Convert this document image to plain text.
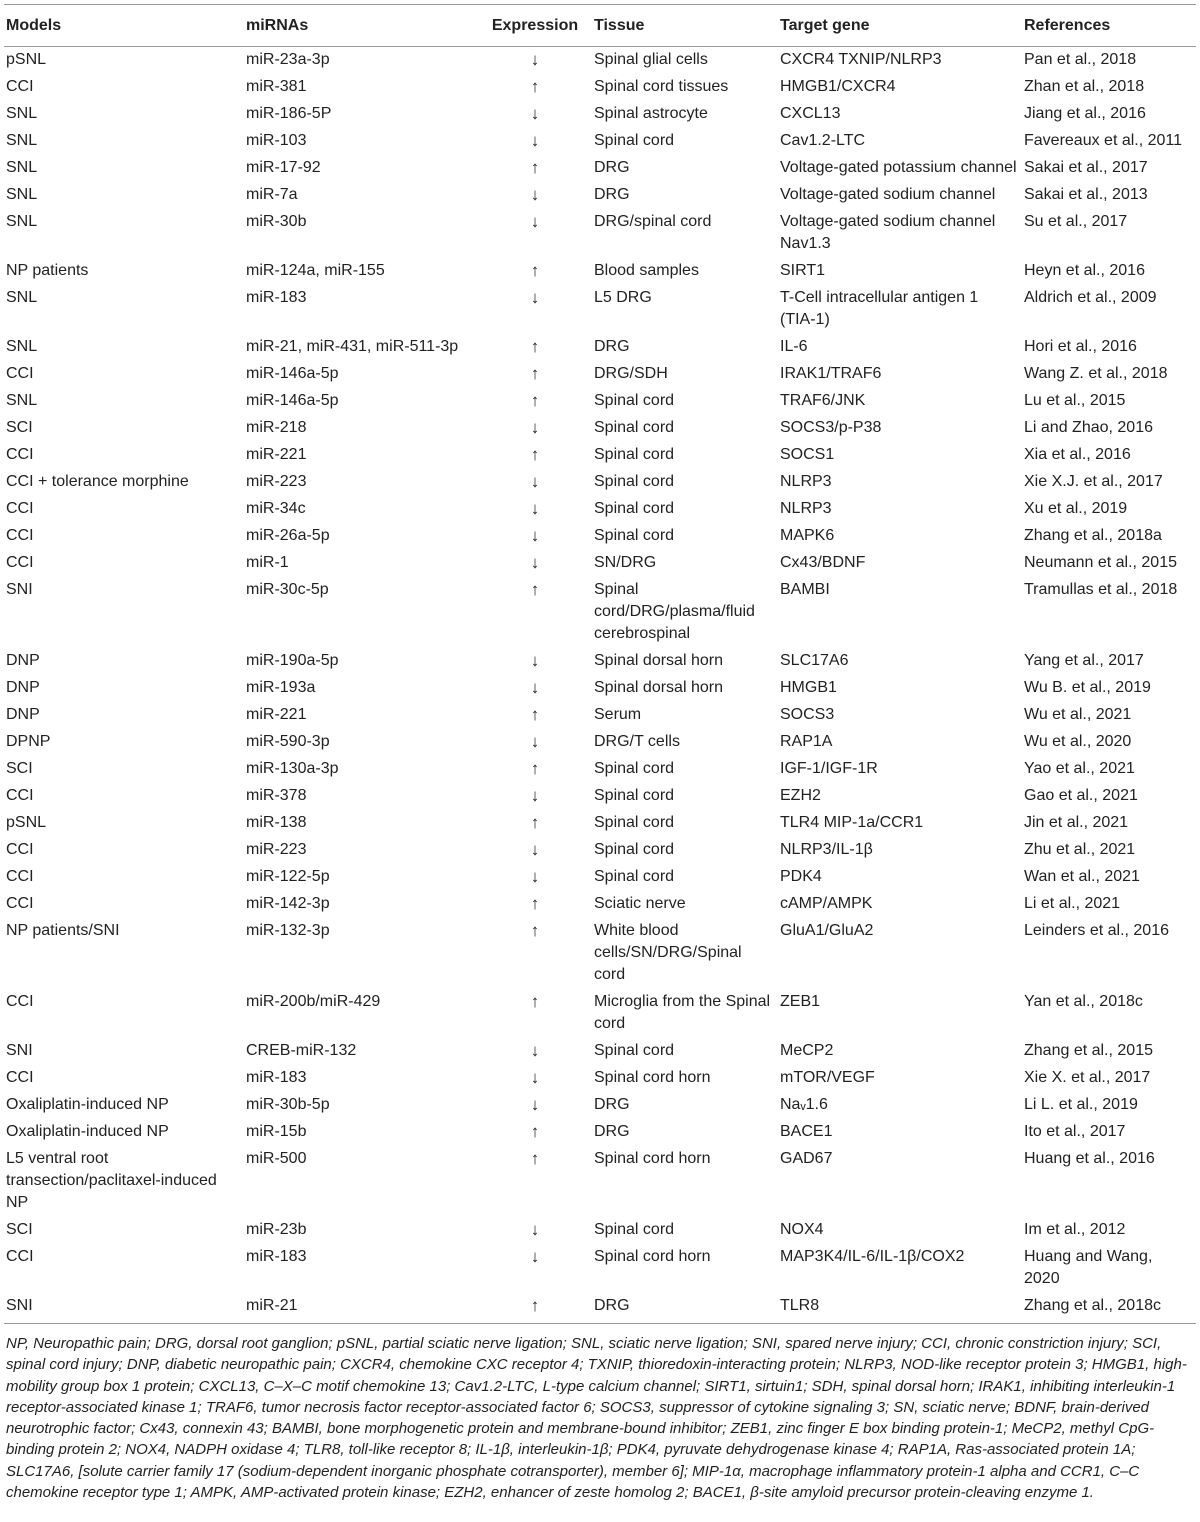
Models	miRNAs	Expression	Tissue	Target gene	References
pSNL	miR-23a-3p	↓	Spinal glial cells	CXCR4 TXNIP/NLRP3	Pan et al., 2018
CCI	miR-381	↑	Spinal cord tissues	HMGB1/CXCR4	Zhan et al., 2018
SNL	miR-186-5P	↓	Spinal astrocyte	CXCL13	Jiang et al., 2016
SNL	miR-103	↓	Spinal cord	Cav1.2-LTC	Favereaux et al., 2011
SNL	miR-17-92	↑	DRG	Voltage-gated potassium channel	Sakai et al., 2017
SNL	miR-7a	↓	DRG	Voltage-gated sodium channel	Sakai et al., 2013
SNL	miR-30b	↓	DRG/spinal cord	Voltage-gated sodium channel Nav1.3	Su et al., 2017
NP patients	miR-124a, miR-155	↑	Blood samples	SIRT1	Heyn et al., 2016
SNL	miR-183	↓	L5 DRG	T-Cell intracellular antigen 1 (TIA-1)	Aldrich et al., 2009
SNL	miR-21, miR-431, miR-511-3p	↑	DRG	IL-6	Hori et al., 2016
CCI	miR-146a-5p	↑	DRG/SDH	IRAK1/TRAF6	Wang Z. et al., 2018
SNL	miR-146a-5p	↑	Spinal cord	TRAF6/JNK	Lu et al., 2015
SCI	miR-218	↓	Spinal cord	SOCS3/p-P38	Li and Zhao, 2016
CCI	miR-221	↑	Spinal cord	SOCS1	Xia et al., 2016
CCI + tolerance morphine	miR-223	↓	Spinal cord	NLRP3	Xie X.J. et al., 2017
CCI	miR-34c	↓	Spinal cord	NLRP3	Xu et al., 2019
CCI	miR-26a-5p	↓	Spinal cord	MAPK6	Zhang et al., 2018a
CCI	miR-1	↓	SN/DRG	Cx43/BDNF	Neumann et al., 2015
SNI	miR-30c-5p	↑	Spinal cord/DRG/plasma/fluid cerebrospinal	BAMBI	Tramullas et al., 2018
DNP	miR-190a-5p	↓	Spinal dorsal horn	SLC17A6	Yang et al., 2017
DNP	miR-193a	↓	Spinal dorsal horn	HMGB1	Wu B. et al., 2019
DNP	miR-221	↑	Serum	SOCS3	Wu et al., 2021
DPNP	miR-590-3p	↓	DRG/T cells	RAP1A	Wu et al., 2020
SCI	miR-130a-3p	↑	Spinal cord	IGF-1/IGF-1R	Yao et al., 2021
CCI	miR-378	↓	Spinal cord	EZH2	Gao et al., 2021
pSNL	miR-138	↑	Spinal cord	TLR4 MIP-1a/CCR1	Jin et al., 2021
CCI	miR-223	↓	Spinal cord	NLRP3/IL-1β	Zhu et al., 2021
CCI	miR-122-5p	↓	Spinal cord	PDK4	Wan et al., 2021
CCI	miR-142-3p	↑	Sciatic nerve	cAMP/AMPK	Li et al., 2021
NP patients/SNI	miR-132-3p	↑	White blood cells/SN/DRG/Spinal cord	GluA1/GluA2	Leinders et al., 2016
CCI	miR-200b/miR-429	↑	Microglia from the Spinal cord	ZEB1	Yan et al., 2018c
SNI	CREB-miR-132	↓	Spinal cord	MeCP2	Zhang et al., 2015
CCI	miR-183	↓	Spinal cord horn	mTOR/VEGF	Xie X. et al., 2017
Oxaliplatin-induced NP	miR-30b-5p	↓	DRG	Naᵥ1.6	Li L. et al., 2019
Oxaliplatin-induced NP	miR-15b	↑	DRG	BACE1	Ito et al., 2017
L5 ventral root transection/paclitaxel-induced NP	miR-500	↑	Spinal cord horn	GAD67	Huang et al., 2016
SCI	miR-23b	↓	Spinal cord	NOX4	Im et al., 2012
CCI	miR-183	↓	Spinal cord horn	MAP3K4/IL-6/IL-1β/COX2	Huang and Wang, 2020
SNI	miR-21	↑	DRG	TLR8	Zhang et al., 2018c
NP, Neuropathic pain; DRG, dorsal root ganglion; pSNL, partial sciatic nerve ligation; SNL, sciatic nerve ligation; SNI, spared nerve injury; CCI, chronic constriction injury; SCI, spinal cord injury; DNP, diabetic neuropathic pain; CXCR4, chemokine CXC receptor 4; TXNIP, thioredoxin-interacting protein; NLRP3, NOD-like receptor protein 3; HMGB1, high-mobility group box 1 protein; CXCL13, C–X–C motif chemokine 13; Cav1.2-LTC, L-type calcium channel; SIRT1, sirtuin1; SDH, spinal dorsal horn; IRAK1, inhibiting interleukin-1 receptor-associated kinase 1; TRAF6, tumor necrosis factor receptor-associated factor 6; SOCS3, suppressor of cytokine signaling 3; SN, sciatic nerve; BDNF, brain-derived neurotrophic factor; Cx43, connexin 43; BAMBI, bone morphogenetic protein and membrane-bound inhibitor; ZEB1, zinc finger E box binding protein-1; MeCP2, methyl CpG-binding protein 2; NOX4, NADPH oxidase 4; TLR8, toll-like receptor 8; IL-1β, interleukin-1β; PDK4, pyruvate dehydrogenase kinase 4; RAP1A, Ras-associated protein 1A; SLC17A6, [solute carrier family 17 (sodium-dependent inorganic phosphate cotransporter), member 6]; MIP-1α, macrophage inflammatory protein-1 alpha and CCR1, C–C chemokine receptor type 1; AMPK, AMP-activated protein kinase; EZH2, enhancer of zeste homolog 2; BACE1, β-site amyloid precursor protein-cleaving enzyme 1.
